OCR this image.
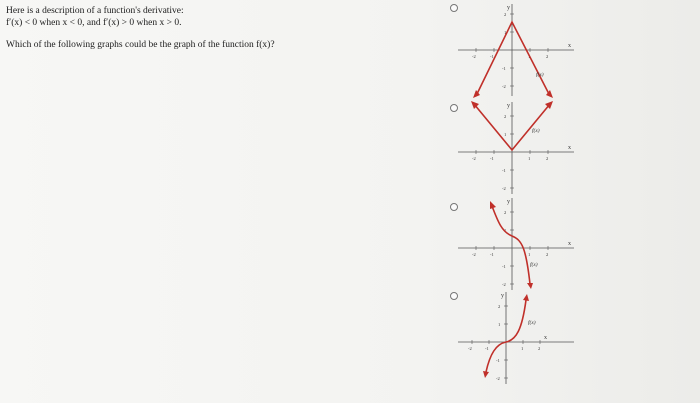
Here is a description of a function's derivative:
f′(x) < 0 when x < 0, and f′(x) > 0 when x > 0.
Which of the following graphs could be the graph of the function f(x)?
y
x
-2	-1	1	2
2
1
-1
-2
f(x)
y
x
-2	-1	1	2
2
1
-1
-2
f(x)
y
x
-2	-1	1	2
2
1
-1
-2
f(x)
y
x
-2	-1	1	2
2
1
-1
-2
f(x)
